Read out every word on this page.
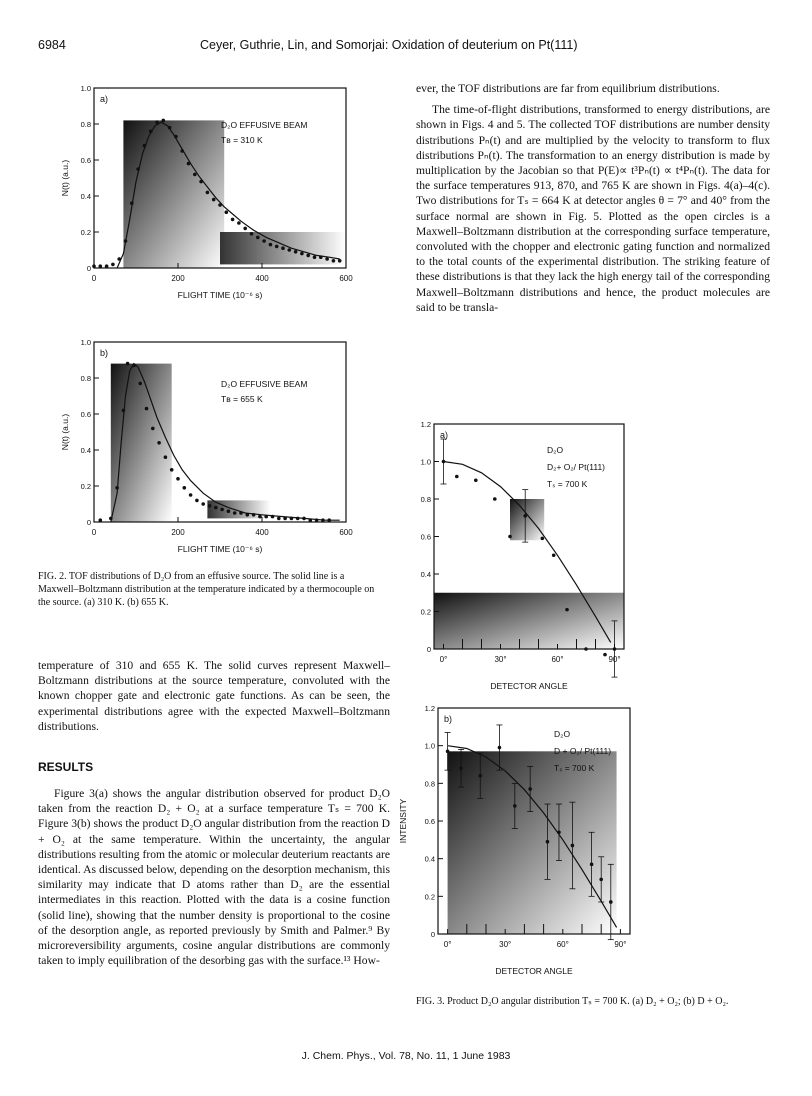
6984	Ceyer, Guthrie, Lin, and Somorjai: Oxidation of deuterium on Pt(111)
0
0.2
0.4
0.6
0.8
1.0
0	200	400	600
a)
D₂O EFFUSIVE BEAM
Tʙ = 310 K
FLIGHT TIME (10⁻⁶ s)
N(t) (a.u.)
0
0.2
0.4
0.6
0.8
1.0
0	200	400	600
b)
D₂O EFFUSIVE BEAM
Tʙ = 655 K
FLIGHT TIME (10⁻⁶ s)
N(t) (a.u.)
FIG. 2. TOF distributions of D₂O from an effusive source. The solid line is a Maxwell–Boltzmann distribution at the temperature indicated by a thermocouple on the source. (a) 310 K. (b) 655 K.

temperature of 310 and 655 K. The solid curves represent Maxwell–Boltzmann distributions at the source temperature, convoluted with the known chopper gate and electronic gate functions. As can be seen, the experimental distributions agree with the expected Maxwell–Boltzmann distributions.

RESULTS

Figure 3(a) shows the angular distribution observed for product D₂O taken from the reaction D₂ + O₂ at a surface temperature Tₛ = 700 K. Figure 3(b) shows the product D₂O angular distribution from the reaction D + O₂ at the same temperature. Within the uncertainty, the angular distributions resulting from the atomic or molecular deuterium reactants are identical. As discussed below, depending on the desorption mechanism, this similarity may indicate that D atoms rather than D₂ are the essential intermediates in this reaction. Plotted with the data is a cosine function (solid line), showing that the number density is proportional to the cosine of the desorption angle, as reported previously by Smith and Palmer.⁹ By microreversibility arguments, cosine angular distributions are commonly taken to imply equilibration of the desorbing gas with the surface.¹³ How-

ever, the TOF distributions are far from equilibrium distributions.

The time-of-flight distributions, transformed to energy distributions, are shown in Figs. 4 and 5. The collected TOF distributions are number density distributions Pₙ(t) and are multiplied by the velocity to transform to flux distributions Pₙ(t). The transformation to an energy distribution is made by multiplication by the Jacobian so that P(E)∝ t³Pₙ(t) ∝ t⁴Pₙ(t). The data for the surface temperatures 913, 870, and 765 K are shown in Figs. 4(a)–4(c). Two distributions for Tₛ = 664 K at detector angles θ = 7° and 40° from the surface normal are shown in Fig. 5. Plotted as the open circles is a Maxwell–Boltzmann distribution at the corresponding surface temperature, convoluted with the chopper and electronic gating function and normalized to the total counts of the experimental distribution. The striking feature of these distributions is that they lack the high energy tail of the corresponding Maxwell–Boltzmann distributions and hence, the product molecules are said to be transla-

0
0.2
0.4
0.6
0.8
1.0
1.2
0°	30°	60°	90°
a)
D₂O
D₂+ O₂/ Pt(111)
Tₛ = 700 K
DETECTOR ANGLE
0
0.2
0.4
0.6
0.8
1.0
1.2
0°	30°	60°	90°
b)
D₂O
D + O₂/ Pt(111)
Tₛ = 700 K
DETECTOR ANGLE
INTENSITY
FIG. 3. Product D₂O angular distribution Tₛ = 700 K. (a) D₂ + O₂; (b) D + O₂.
J. Chem. Phys., Vol. 78, No. 11, 1 June 1983
